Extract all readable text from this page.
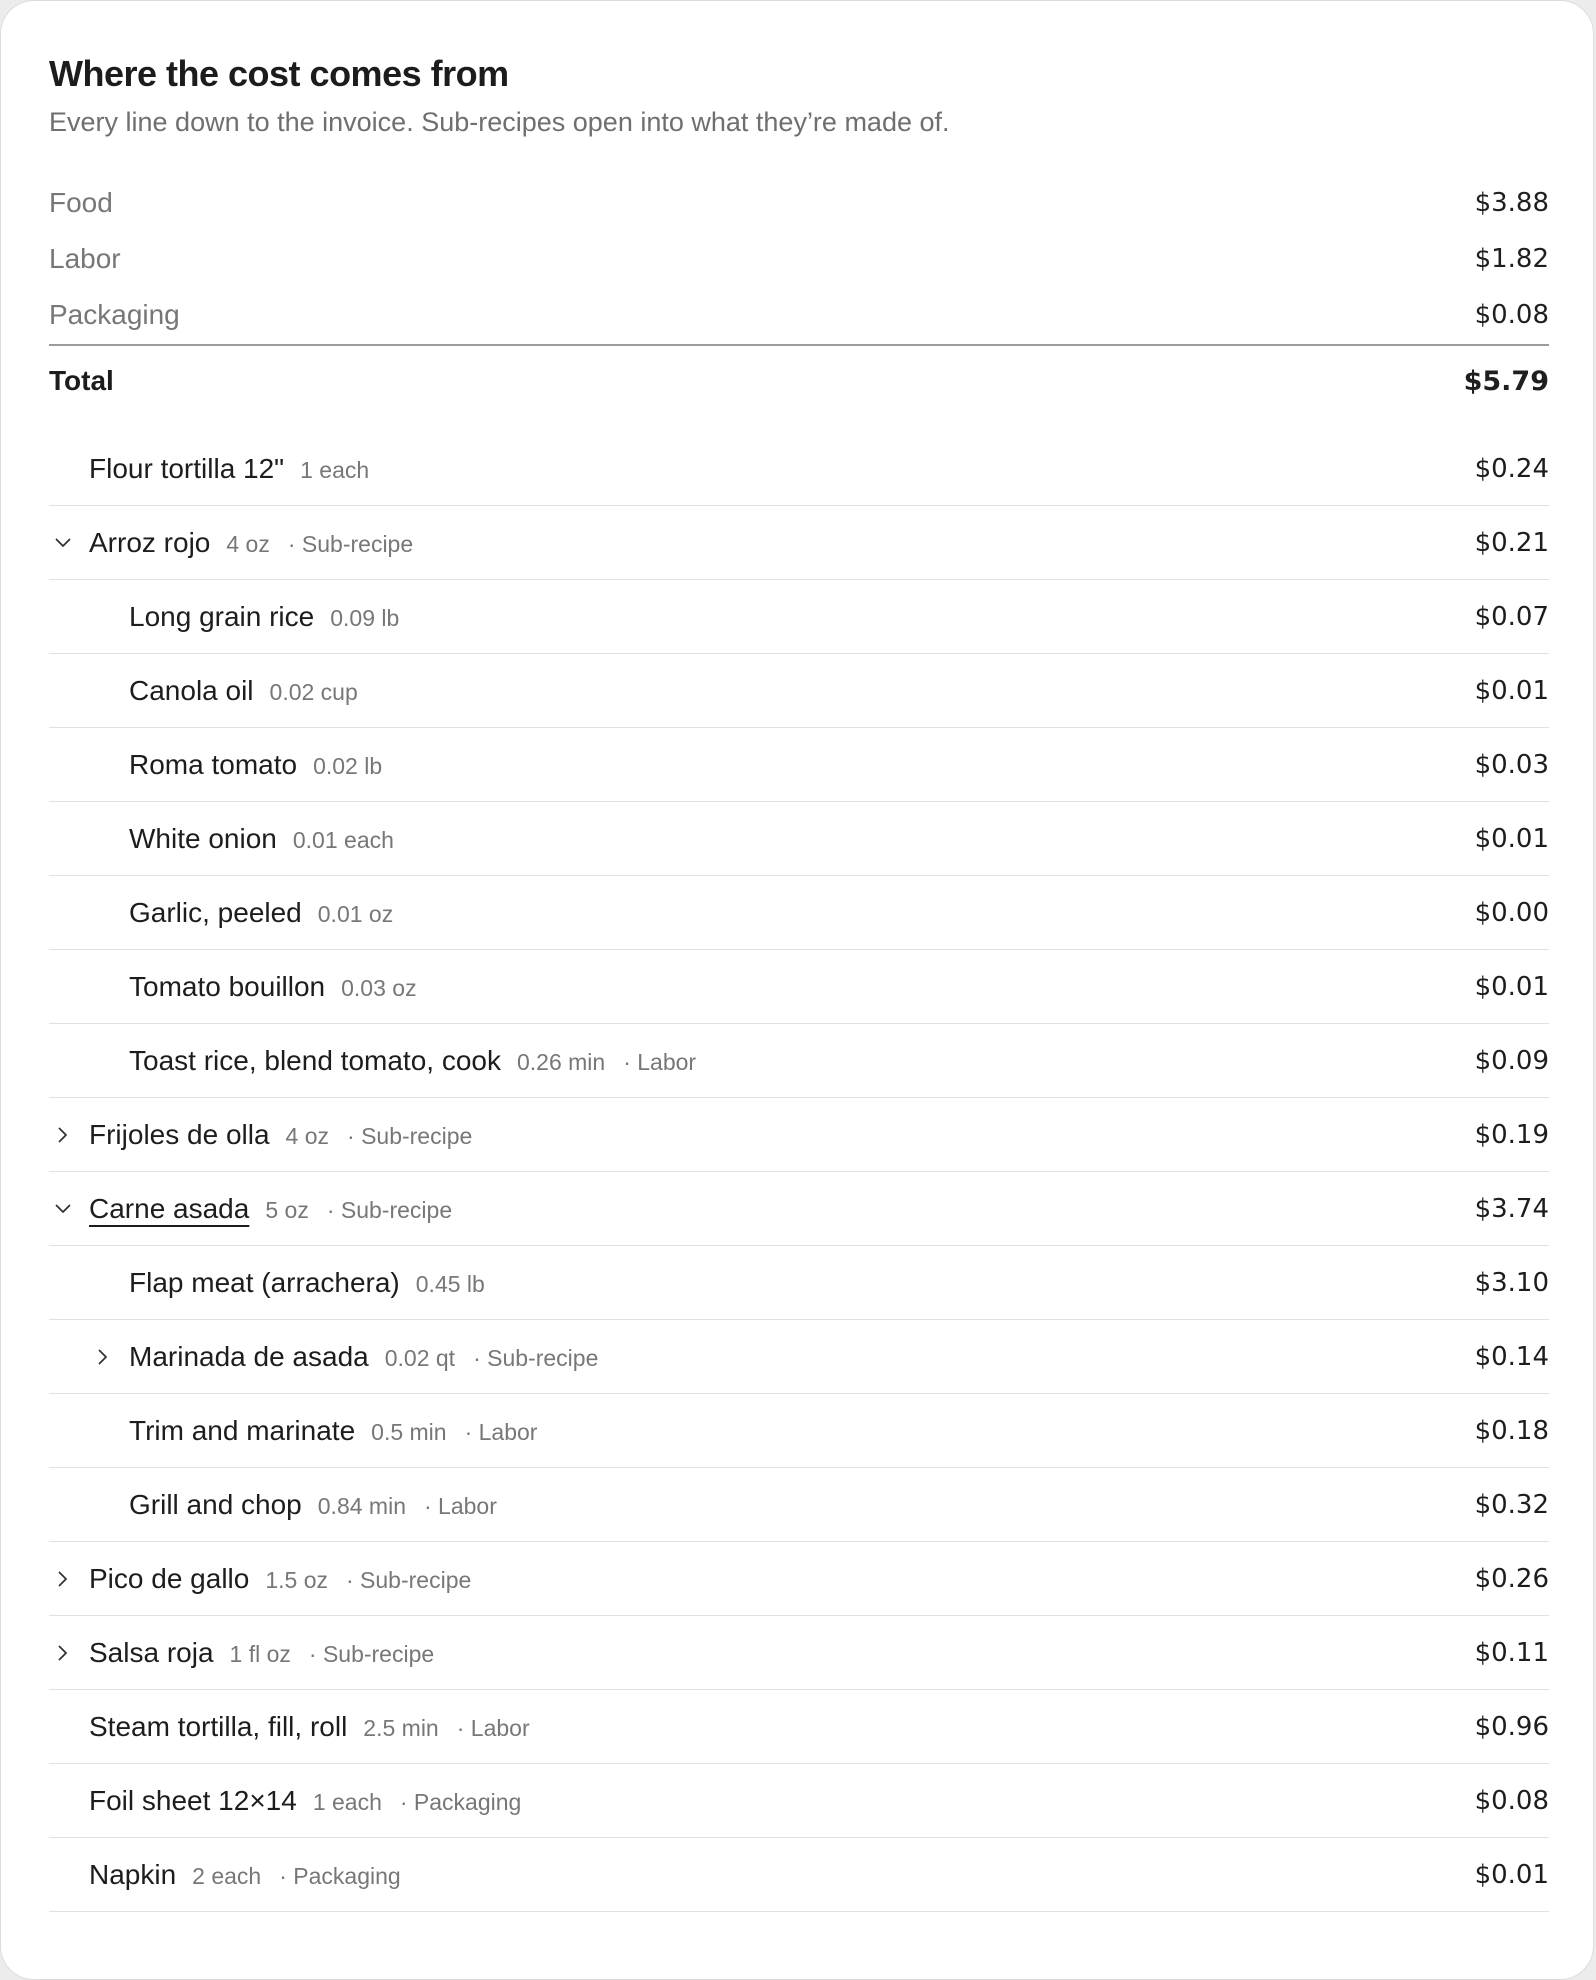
Where the cost comes from
Every line down to the invoice. Sub-recipes open into what they’re made of.
Food	$3.88
Labor	$1.82
Packaging	$0.08
Total	$5.79
Flour tortilla 12" 1 each	$0.24
Arroz rojo 4 oz · Sub-recipe	$0.21
Long grain rice 0.09 lb	$0.07
Canola oil 0.02 cup	$0.01
Roma tomato 0.02 lb	$0.03
White onion 0.01 each	$0.01
Garlic, peeled 0.01 oz	$0.00
Tomato bouillon 0.03 oz	$0.01
Toast rice, blend tomato, cook 0.26 min · Labor	$0.09
Frijoles de olla 4 oz · Sub-recipe	$0.19
Carne asada 5 oz · Sub-recipe	$3.74
Flap meat (arrachera) 0.45 lb	$3.10
Marinada de asada 0.02 qt · Sub-recipe	$0.14
Trim and marinate 0.5 min · Labor	$0.18
Grill and chop 0.84 min · Labor	$0.32
Pico de gallo 1.5 oz · Sub-recipe	$0.26
Salsa roja 1 fl oz · Sub-recipe	$0.11
Steam tortilla, fill, roll 2.5 min · Labor	$0.96
Foil sheet 12×14 1 each · Packaging	$0.08
Napkin 2 each · Packaging	$0.01
